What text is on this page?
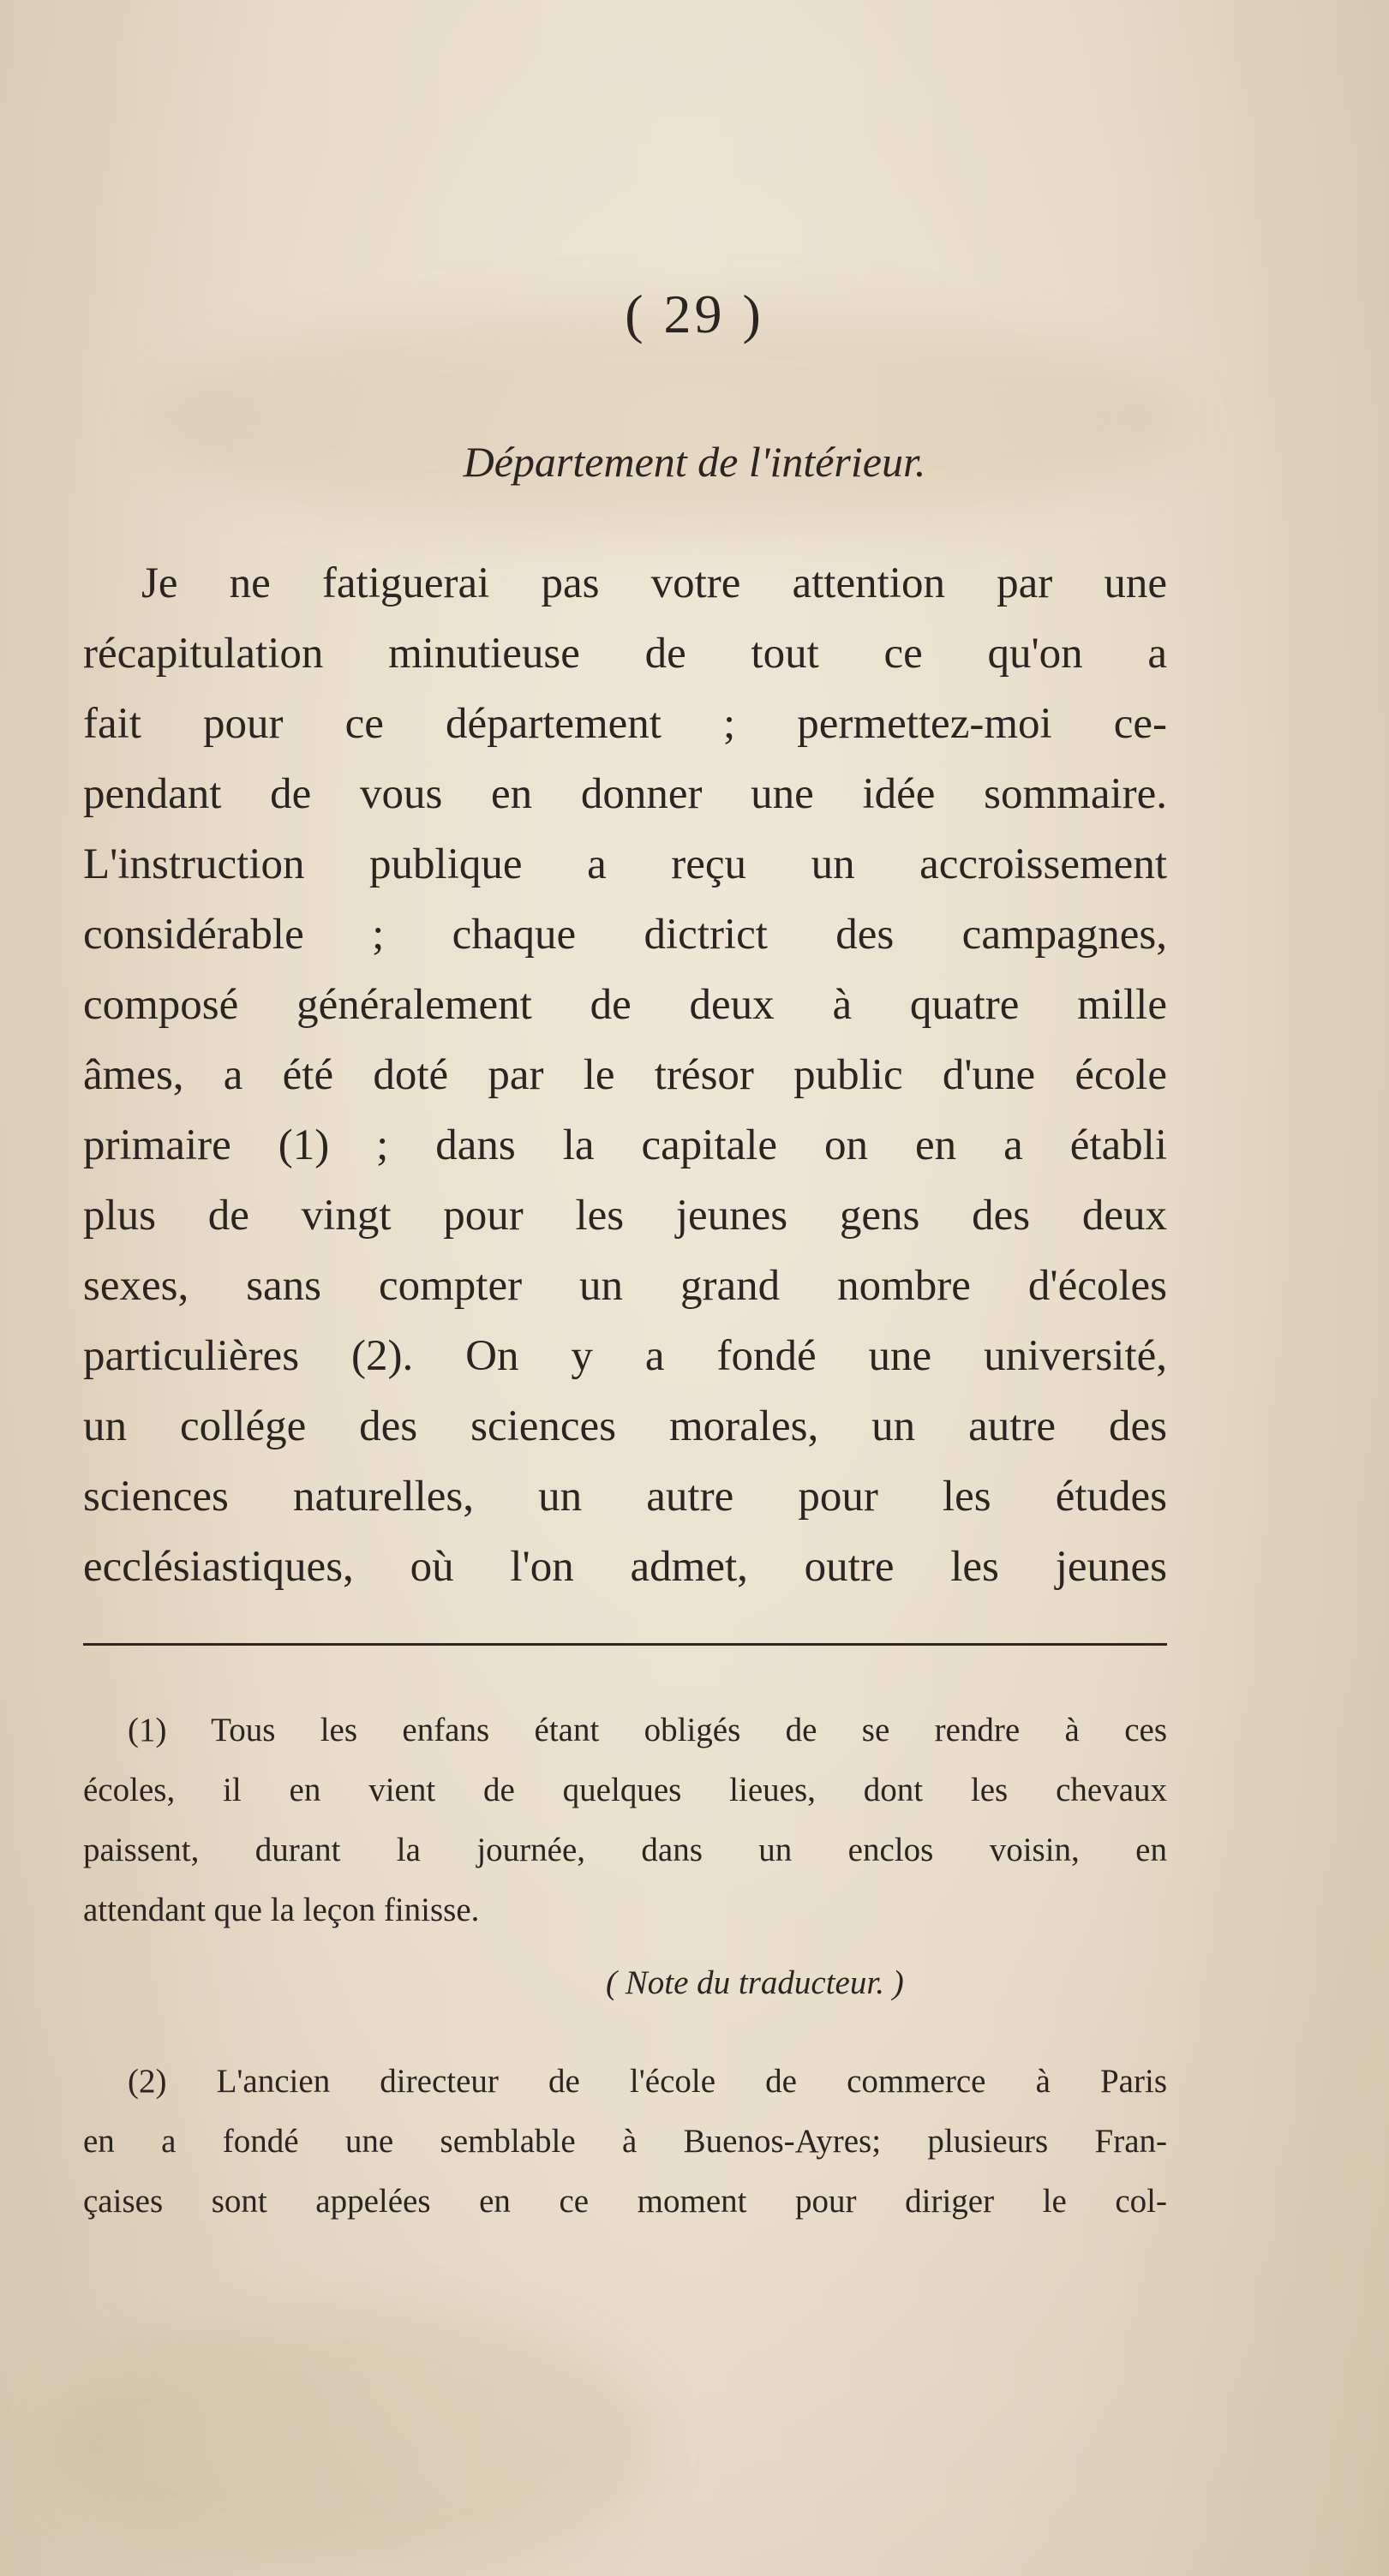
( 29 )
Département de l'intérieur.
Je ne fatiguerai pas votre attention par une
récapitulation minutieuse de tout ce qu'on a
fait pour ce département ; permettez-moi ce-
pendant de vous en donner une idée sommaire.
L'instruction publique a reçu un accroissement
considérable ; chaque dictrict des campagnes,
composé généralement de deux à quatre mille
âmes, a été doté par le trésor public d'une école
primaire (1) ; dans la capitale on en a établi
plus de vingt pour les jeunes gens des deux
sexes, sans compter un grand nombre d'écoles
particulières (2). On y a fondé une université,
un collége des sciences morales, un autre des
sciences naturelles, un autre pour les études
ecclésiastiques, où l'on admet, outre les jeunes
(1) Tous les enfans étant obligés de se rendre à ces
écoles, il en vient de quelques lieues, dont les chevaux
paissent, durant la journée, dans un enclos voisin, en
attendant que la leçon finisse.
( Note du traducteur. )
(2) L'ancien directeur de l'école de commerce à Paris
en a fondé une semblable à Buenos-Ayres; plusieurs Fran-
çaises sont appelées en ce moment pour diriger le col-
